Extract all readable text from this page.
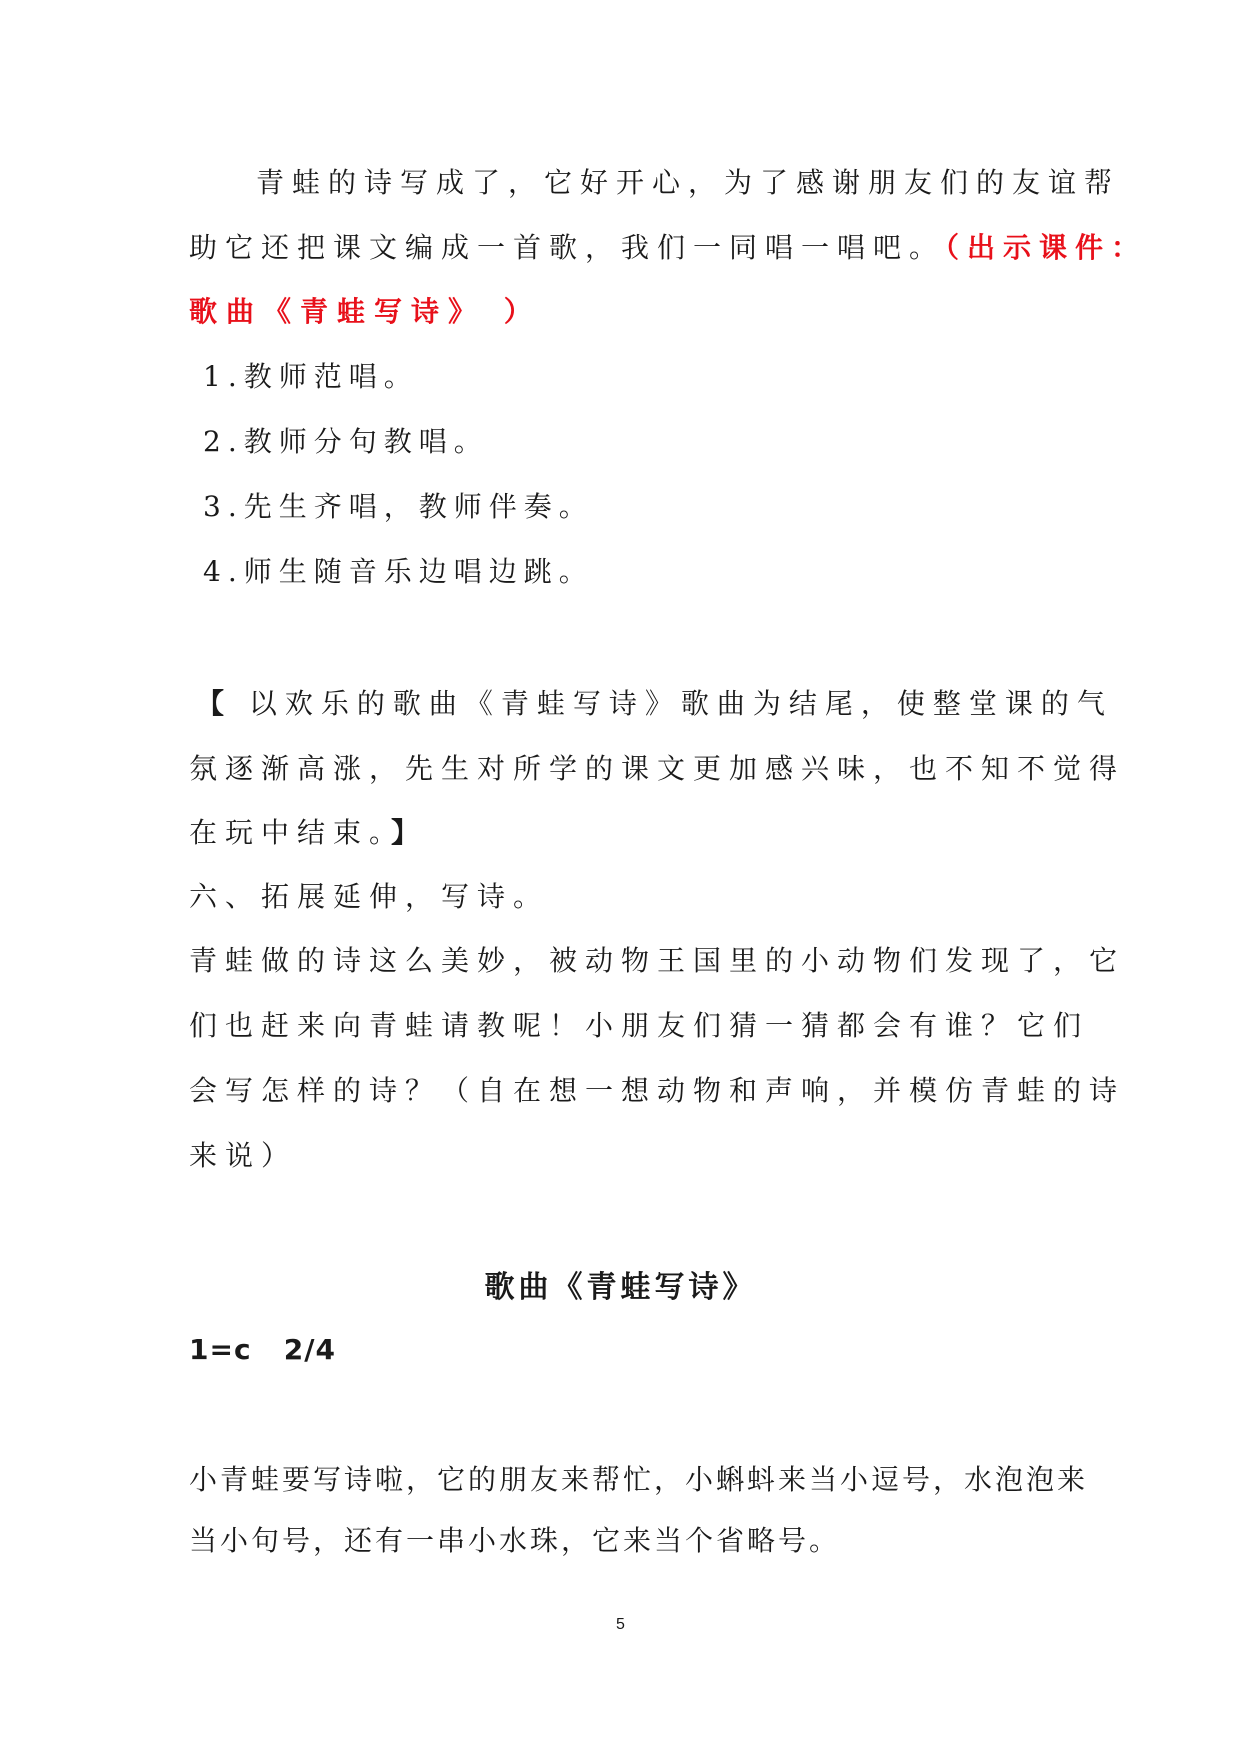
青蛙的诗写成了，它好开心，为了感谢朋友们的友谊帮
助它还把课文编成一首歌，我们一同唱一唱吧。（出示课件：
歌曲《青蛙写诗》 ）
1.教师范唱。
2.教师分句教唱。
3.先生齐唱，教师伴奏。
4.师生随音乐边唱边跳。
【 以欢乐的歌曲《青蛙写诗》歌曲为结尾，使整堂课的气
氛逐渐高涨，先生对所学的课文更加感兴味，也不知不觉得
在玩中结束。】
六、拓展延伸，写诗。
青蛙做的诗这么美妙，被动物王国里的小动物们发现了，它
们也赶来向青蛙请教呢！小朋友们猜一猜都会有谁？它们
会写怎样的诗？（自在想一想动物和声响，并模仿青蛙的诗
来说）
歌曲《青蛙写诗》
1=c   2/4
小青蛙要写诗啦，它的朋友来帮忙，小蝌蚪来当小逗号，水泡泡来
当小句号，还有一串小水珠，它来当个省略号。
5
